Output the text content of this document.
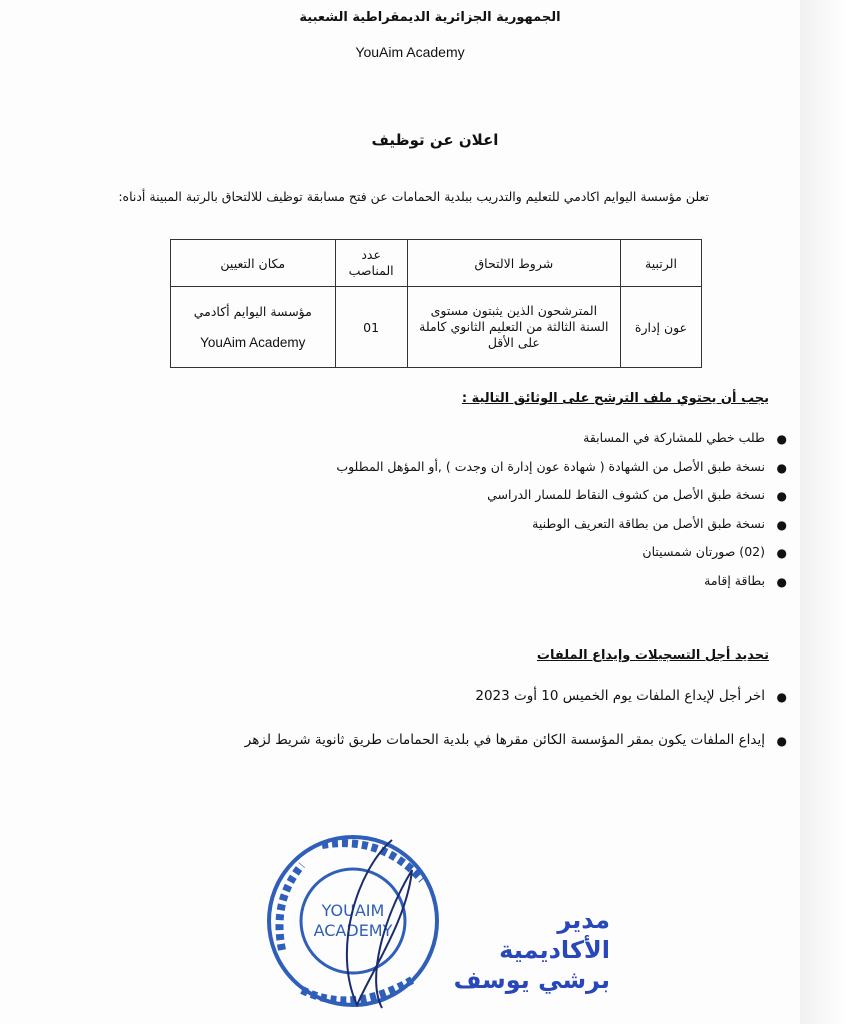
الجمهورية الجزائرية الديمقراطية الشعبية
YouAim Academy
اعلان عن توظيف
تعلن مؤسسة اليوايم اكادمي للتعليم والتدريب ببلدية الحمامات عن فتح مسابقة توظيف للالتحاق بالرتبة المبينة أدناه:
الرتبية	شروط الالتحاق	عدد المناصب	مكان التعيين
عون إدارة	المترشحون الذين يثبتون مستوى السنة الثالثة من التعليم الثانوي كاملة على الأقل	01	مؤسسة اليوايم أكادمي
YouAim Academy
يجب أن يحتوي ملف الترشح على الوثائق التالية :
●
طلب خطي للمشاركة في المسابقة
●
نسخة طبق الأصل من الشهادة ( شهادة عون إدارة ان وجدت ) ,أو المؤهل المطلوب
●
نسخة طبق الأصل من كشوف النقاط للمسار الدراسي
●
نسخة طبق الأصل من بطاقة التعريف الوطنية
●
(02) صورتان شمسيتان
●
بطاقة إقامة
تحديد أجل التسجيلات وإيداع الملفات
●
اخر أجل لإيداع الملفات يوم الخميس 10 أوت 2023
●
إيداع الملفات يكون بمقر المؤسسة الكائن مقرها في بلدية الحمامات طريق ثانوية شريط لزهر
YOUAIM
ACADEMY	مدير الأكاديمية
برشي يوسف
